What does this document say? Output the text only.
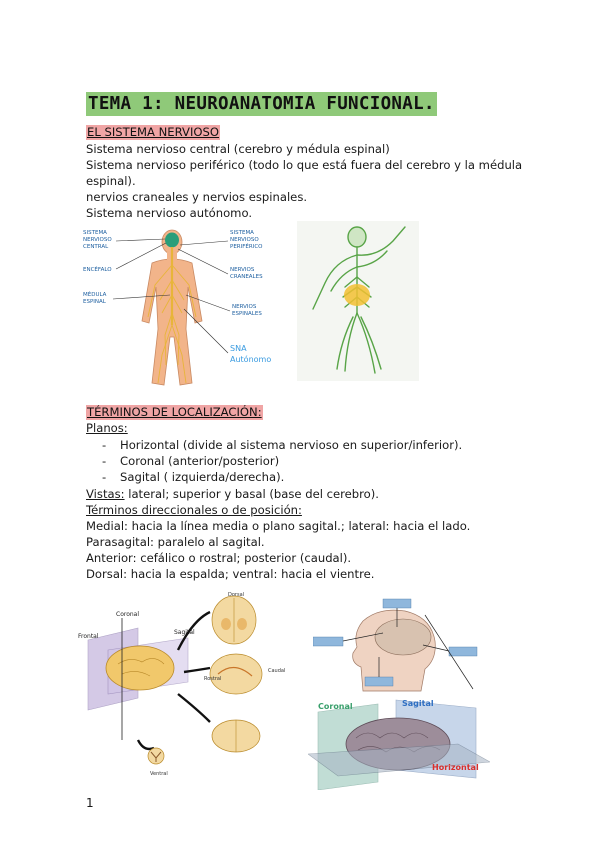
TEMA 1: NEUROANATOMIA FUNCIONAL.
EL SISTEMA NERVIOSO
Sistema nervioso central (cerebro y médula espinal)
Sistema nervioso periférico (todo lo que está fuera del cerebro y la médula
espinal).
nervios craneales y nervios espinales.
Sistema nervioso autónomo.
SISTEMA
NERVIOSO
CENTRAL
ENCÉFALO
MÉDULA
ESPINAL
SISTEMA
NERVIOSO
PERIFÉRICO
NERVIOS
CRANEALES
NERVIOS
ESPINALES
SNA
Autónomo
TÉRMINOS DE LOCALIZACIÓN:
Planos:
- Horizontal (divide al sistema nervioso en superior/inferior).
- Coronal (anterior/posterior)
- Sagital ( izquierda/derecha).
Vistas: lateral; superior y basal (base del cerebro).
Términos direccionales o de posición:
Medial: hacia la línea media o plano sagital.; lateral: hacia el lado.
Parasagital: paralelo al sagital.
Anterior: cefálico o rostral; posterior (caudal).
Dorsal: hacia la espalda; ventral: hacia el vientre.
Coronal
Frontal
Sagital
Dorsal
Rostral
Caudal
Ventral
Coronal	Sagital
Horizontal
1
